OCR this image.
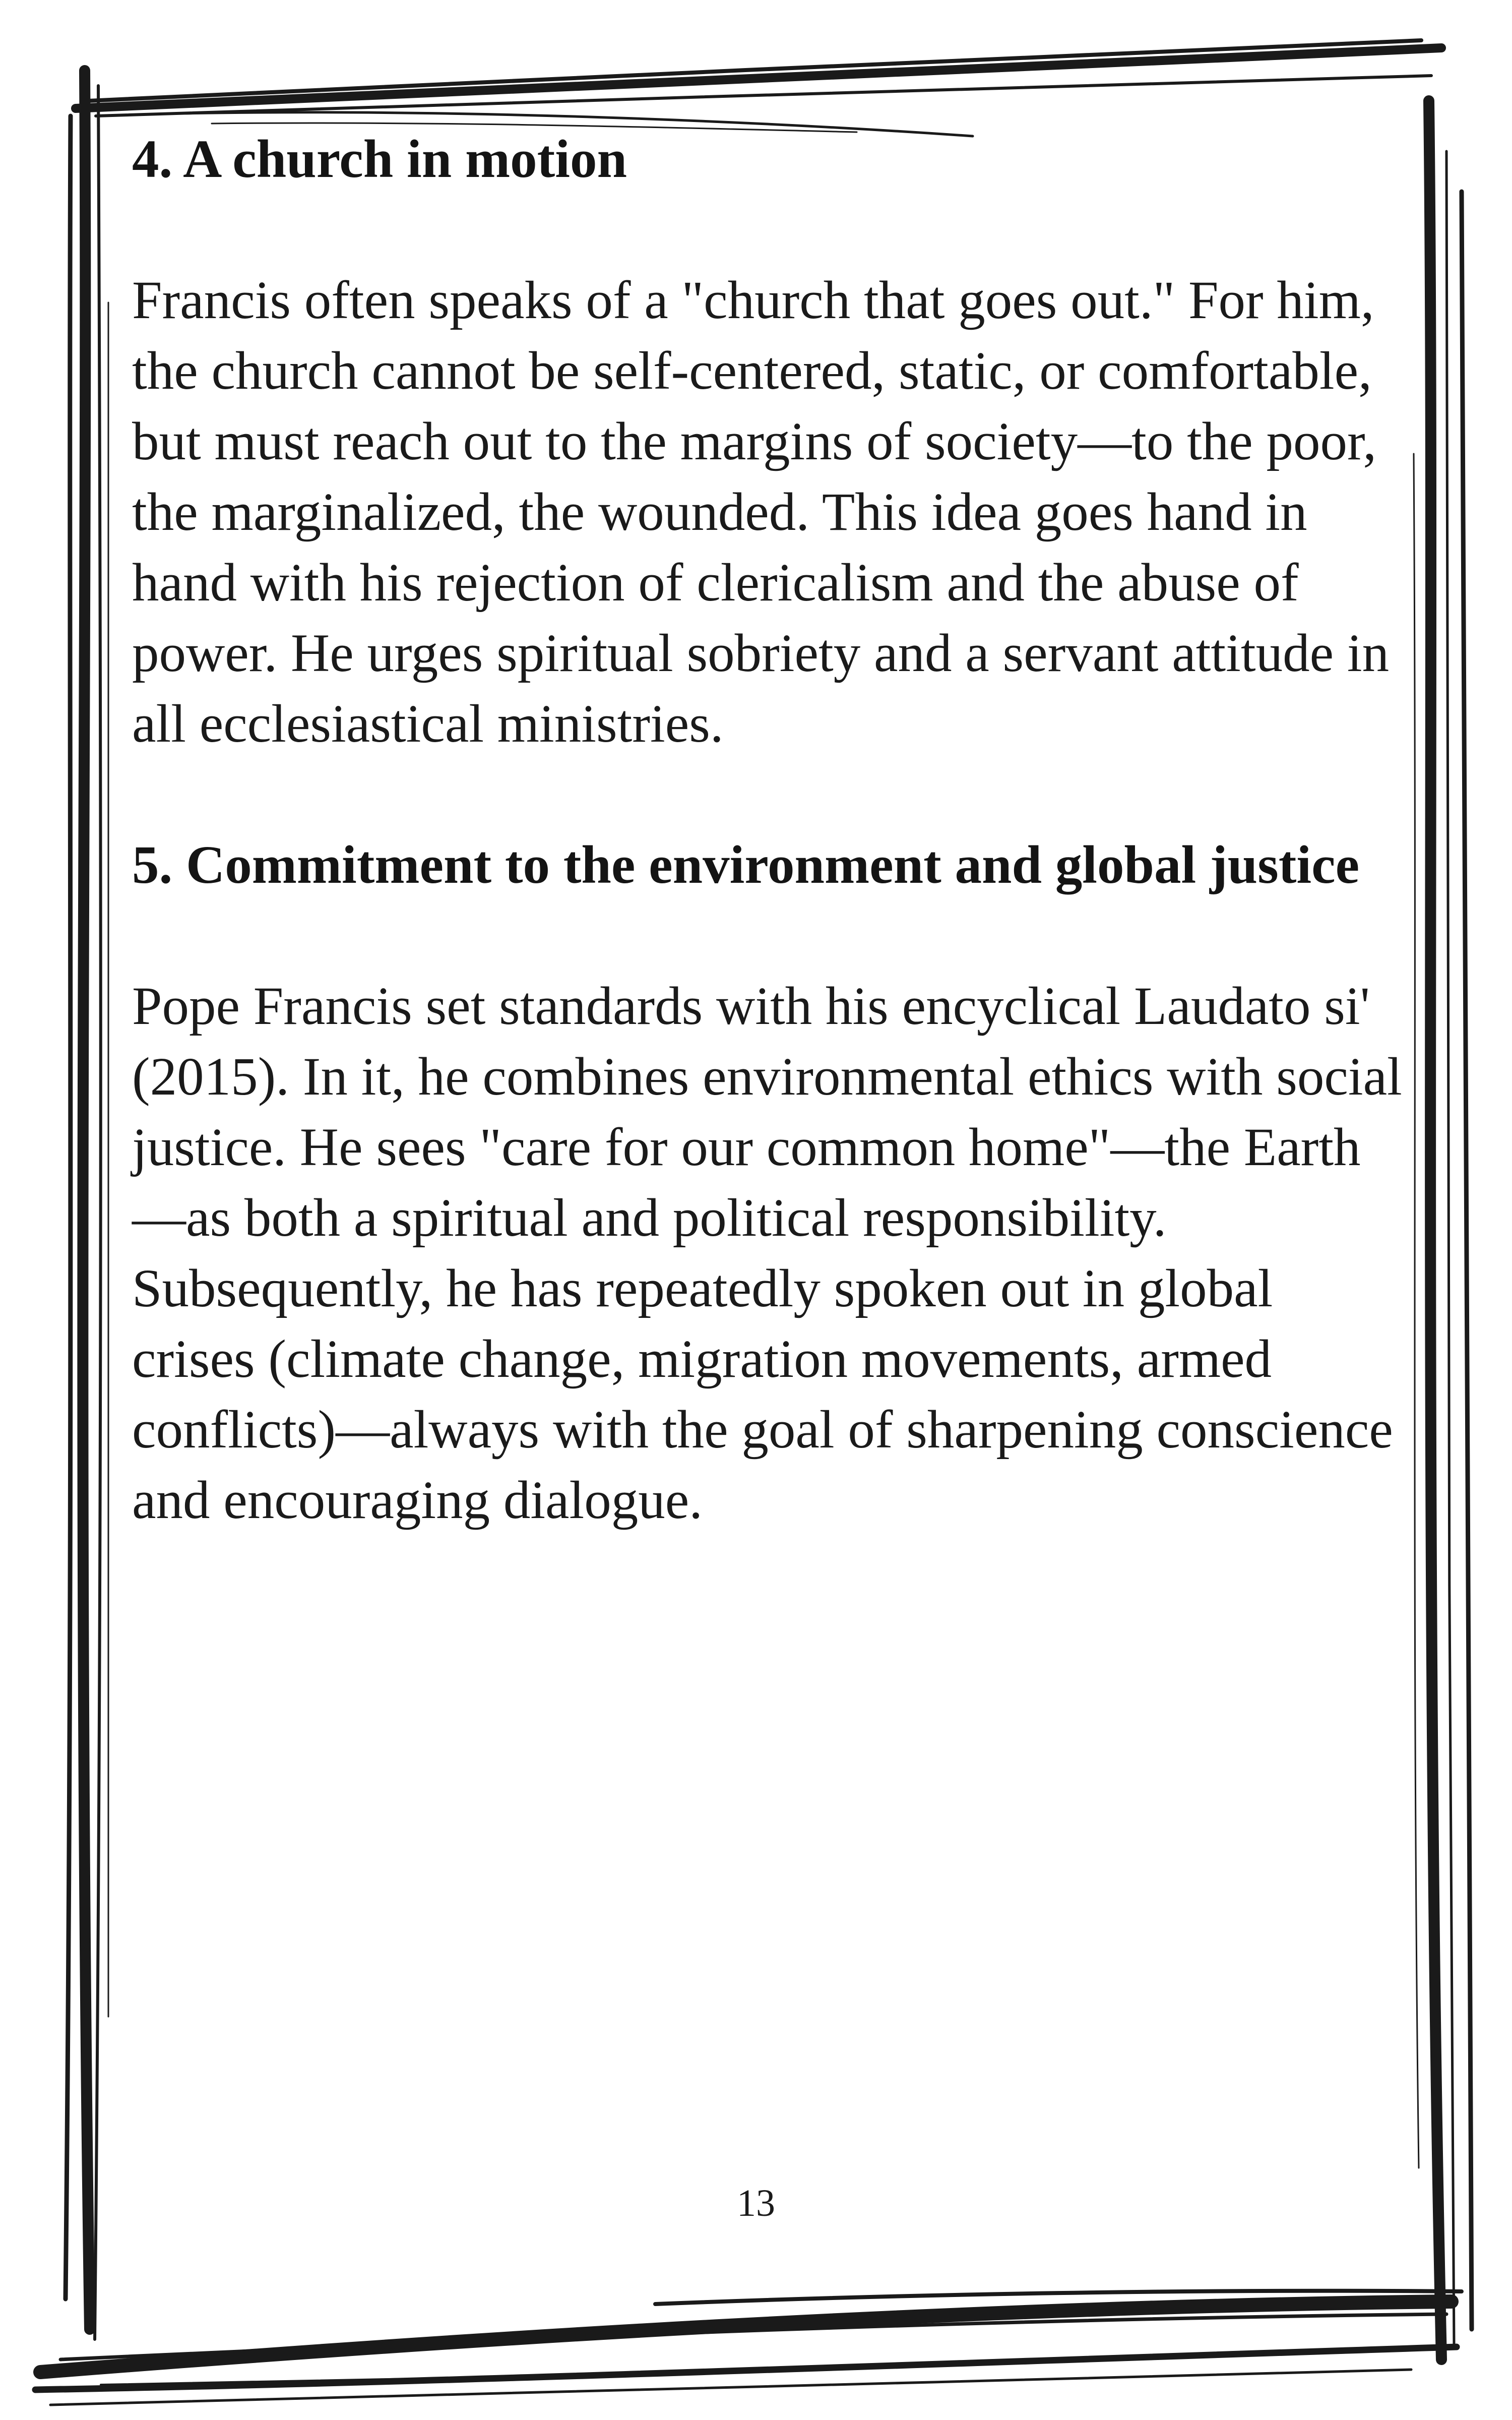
4. A church in motion

Francis often speaks of a "church that goes out." For him, the church cannot be self-centered, static, or comfortable, but must reach out to the margins of society—to the poor, the marginalized, the wounded. This idea goes hand in hand with his rejection of clericalism and the abuse of power. He urges spiritual sobriety and a servant attitude in all ecclesiastical ministries.

5. Commitment to the environment and global justice

Pope Francis set standards with his encyclical Laudato si' (2015). In it, he combines environmental ethics with social justice. He sees "care for our common home"—the Earth—as both a spiritual and political responsibility. Subsequently, he has repeatedly spoken out in global crises (climate change, migration movements, armed conflicts)—always with the goal of sharpening conscience and encouraging dialogue.

13
